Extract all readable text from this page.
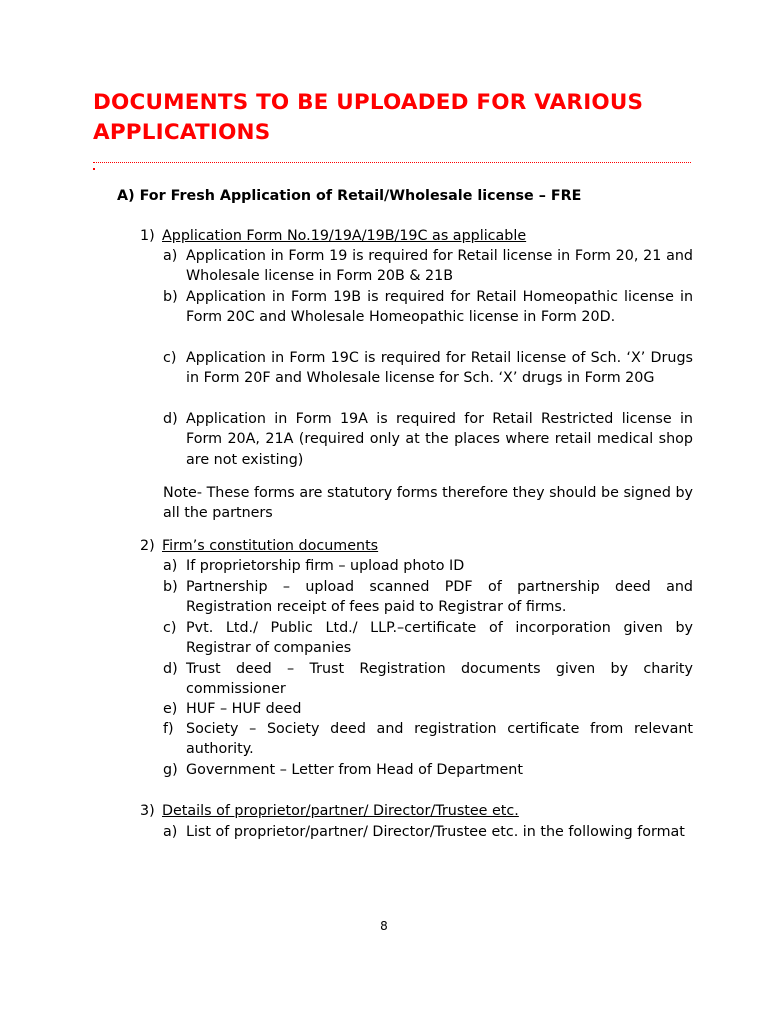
DOCUMENTS TO BE UPLOADED FOR VARIOUS APPLICATIONS
A) For Fresh Application of Retail/Wholesale license – FRE
1) Application Form No.19/19A/19B/19C as applicable
a) Application in Form 19 is required for Retail license in Form 20, 21 and Wholesale license in Form 20B & 21B
b) Application in Form 19B is required for Retail Homeopathic license in Form 20C and Wholesale Homeopathic license in Form 20D.
c) Application in Form 19C is required for Retail license of Sch. ‘X’ Drugs in Form 20F and Wholesale license for Sch. ‘X’ drugs in Form 20G
d) Application in Form 19A is required for Retail Restricted license in Form 20A, 21A (required only at the places where retail medical shop are not existing)
Note- These forms are statutory forms therefore they should be signed by all the partners
2) Firm’s constitution documents
a) If proprietorship firm – upload photo ID
b) Partnership – upload scanned PDF of partnership deed and Registration receipt of fees paid to Registrar of firms.
c) Pvt. Ltd./ Public Ltd./ LLP.–certificate of incorporation given by Registrar of companies
d) Trust deed – Trust Registration documents given by charity commissioner
e) HUF – HUF deed
f) Society – Society deed and registration certificate from relevant authority.
g) Government – Letter from Head of Department
3) Details of proprietor/partner/ Director/Trustee etc.
a) List of proprietor/partner/ Director/Trustee etc. in the following format
8
